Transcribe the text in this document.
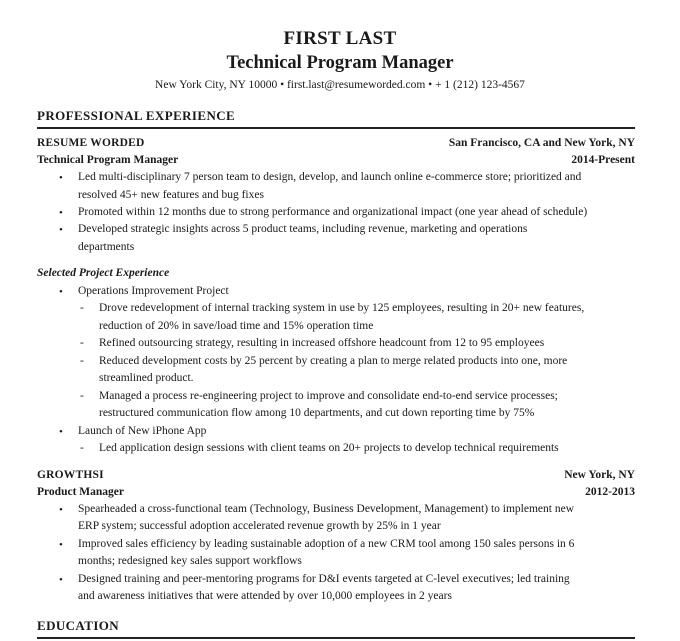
FIRST LAST
Technical Program Manager
New York City, NY 10000 • first.last@resumeworded.com • + 1 (212) 123-4567
PROFESSIONAL EXPERIENCE
RESUME WORDED	San Francisco, CA and New York, NY
Technical Program Manager	2014-Present
• Led multi-disciplinary 7 person team to design, develop, and launch online e-commerce store; prioritized and
resolved 45+ new features and bug fixes
• Promoted within 12 months due to strong performance and organizational impact (one year ahead of schedule)
• Developed strategic insights across 5 product teams, including revenue, marketing and operations
departments
Selected Project Experience
• Operations Improvement Project
- Drove redevelopment of internal tracking system in use by 125 employees, resulting in 20+ new features,
reduction of 20% in save/load time and 15% operation time
- Refined outsourcing strategy, resulting in increased offshore headcount from 12 to 95 employees
- Reduced development costs by 25 percent by creating a plan to merge related products into one, more
streamlined product.
- Managed a process re-engineering project to improve and consolidate end-to-end service processes;
restructured communication flow among 10 departments, and cut down reporting time by 75%
• Launch of New iPhone App
- Led application design sessions with client teams on 20+ projects to develop technical requirements
GROWTHSI	New York, NY
Product Manager	2012-2013
• Spearheaded a cross-functional team (Technology, Business Development, Management) to implement new
ERP system; successful adoption accelerated revenue growth by 25% in 1 year
• Improved sales efficiency by leading sustainable adoption of a new CRM tool among 150 sales persons in 6
months; redesigned key sales support workflows
• Designed training and peer-mentoring programs for D&I events targeted at C-level executives; led training
and awareness initiatives that were attended by over 10,000 employees in 2 years
EDUCATION
